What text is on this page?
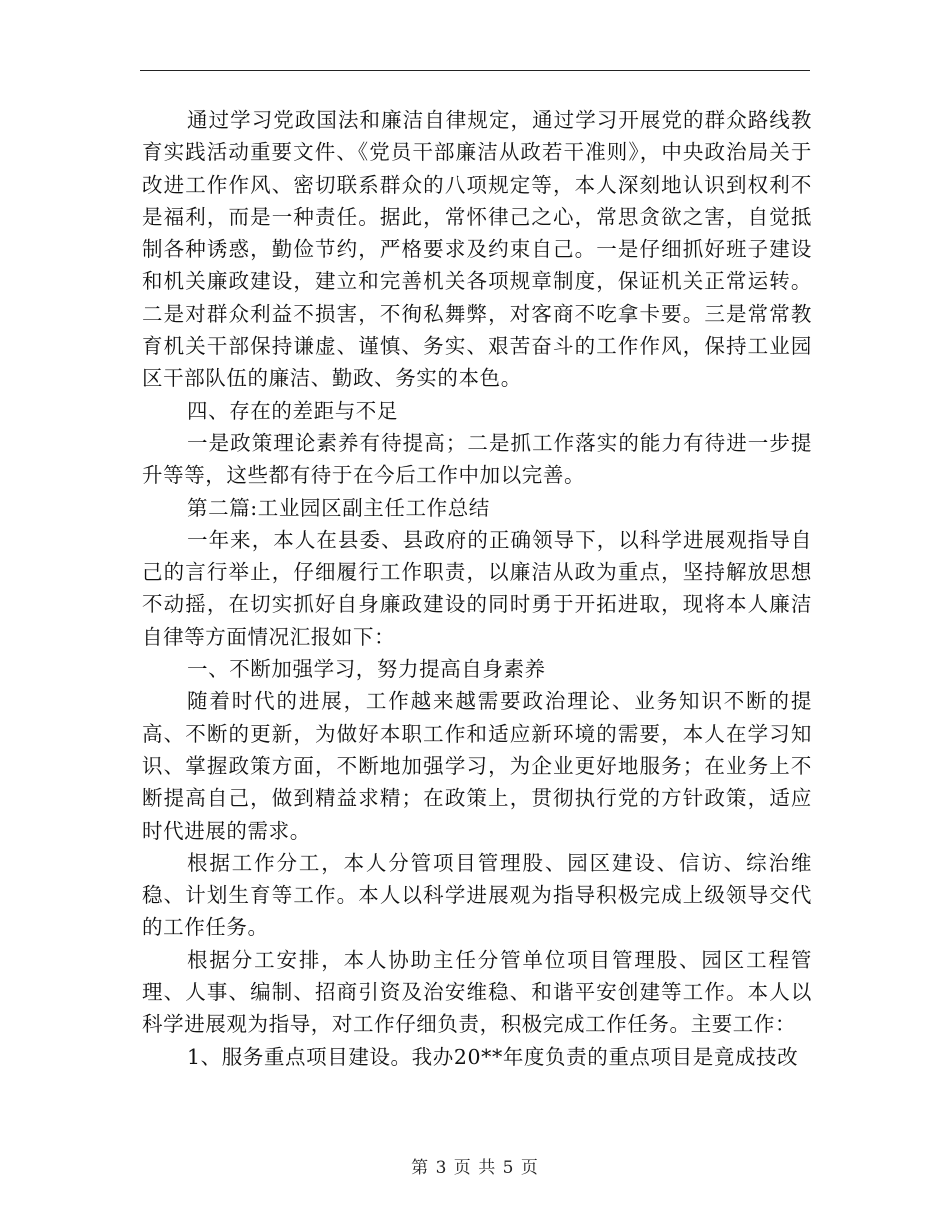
通过学习党政国法和廉洁自律规定，通过学习开展党的群众路线教育实践活动重要文件、《党员干部廉洁从政若干准则》，中央政治局关于改进工作作风、密切联系群众的八项规定等，本人深刻地认识到权利不是福利，而是一种责任。据此，常怀律己之心，常思贪欲之害，自觉抵制各种诱惑，勤俭节约，严格要求及约束自己。一是仔细抓好班子建设和机关廉政建设，建立和完善机关各项规章制度，保证机关正常运转。二是对群众利益不损害，不徇私舞弊，对客商不吃拿卡要。三是常常教育机关干部保持谦虚、谨慎、务实、艰苦奋斗的工作作风，保持工业园区干部队伍的廉洁、勤政、务实的本色。

四、存在的差距与不足

一是政策理论素养有待提高；二是抓工作落实的能力有待进一步提升等等，这些都有待于在今后工作中加以完善。

第二篇:工业园区副主任工作总结

一年来，本人在县委、县政府的正确领导下，以科学进展观指导自己的言行举止，仔细履行工作职责，以廉洁从政为重点，坚持解放思想不动摇，在切实抓好自身廉政建设的同时勇于开拓进取，现将本人廉洁自律等方面情况汇报如下：

一、不断加强学习，努力提高自身素养

随着时代的进展，工作越来越需要政治理论、业务知识不断的提高、不断的更新，为做好本职工作和适应新环境的需要，本人在学习知识、掌握政策方面，不断地加强学习，为企业更好地服务；在业务上不断提高自己，做到精益求精；在政策上，贯彻执行党的方针政策，适应时代进展的需求。

根据工作分工，本人分管项目管理股、园区建设、信访、综治维稳、计划生育等工作。本人以科学进展观为指导积极完成上级领导交代的工作任务。

根据分工安排，本人协助主任分管单位项目管理股、园区工程管理、人事、编制、招商引资及治安维稳、和谐平安创建等工作。本人以科学进展观为指导，对工作仔细负责，积极完成工作任务。主要工作：

1、服务重点项目建设。我办20**年度负责的重点项目是竟成技改

第 3 页 共 5 页
